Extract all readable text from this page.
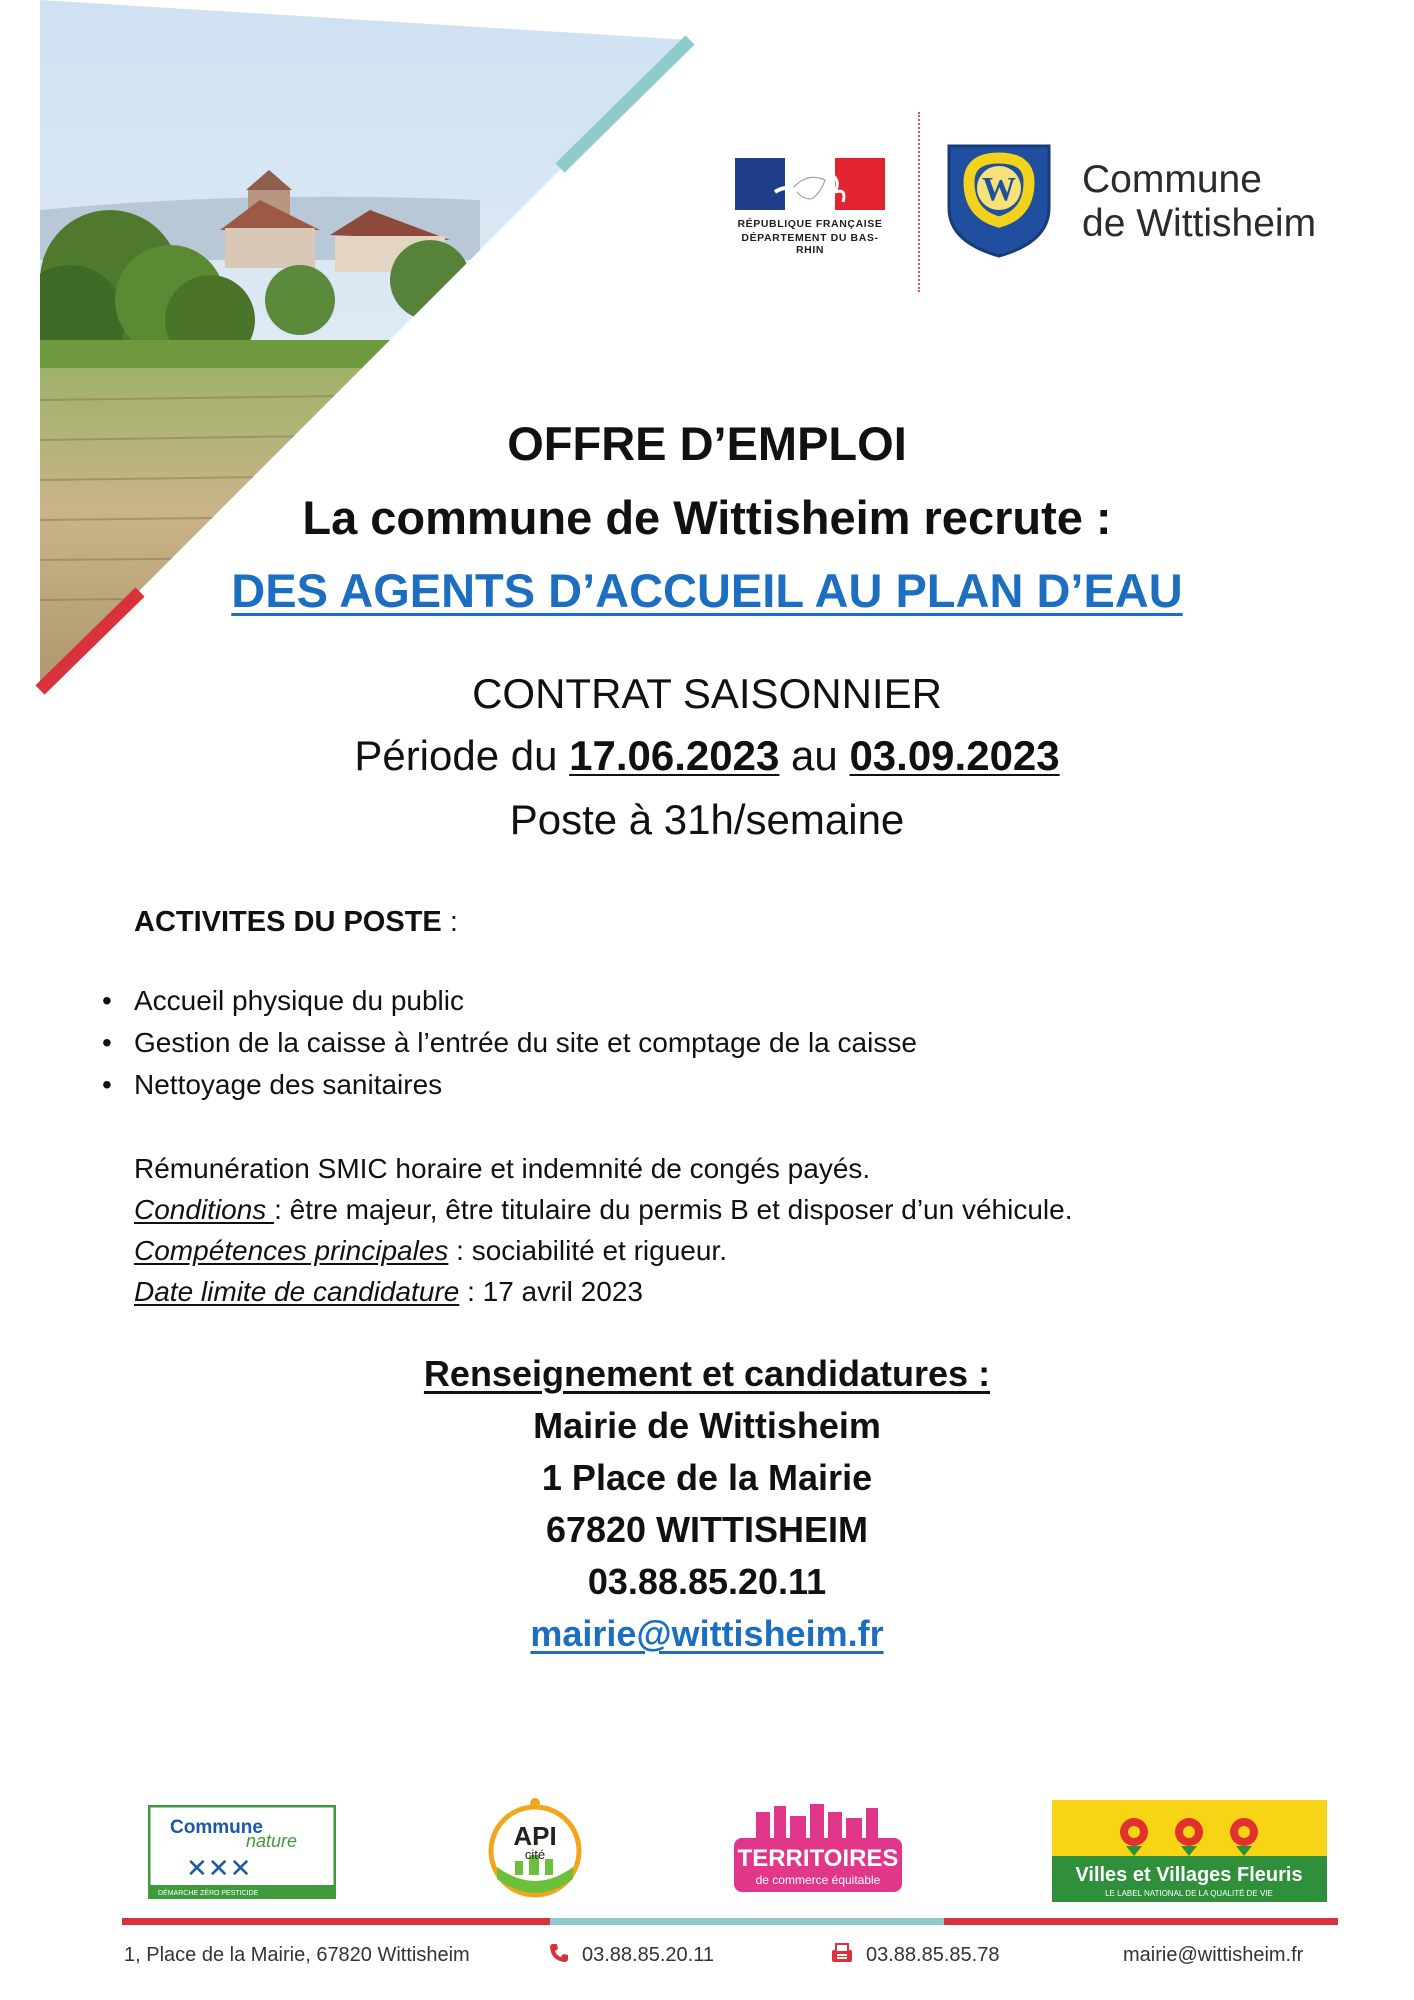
RÉPUBLIQUE FRANÇAISE
DÉPARTEMENT DU BAS-RHIN
W Commune
de Wittisheim
OFFRE D’EMPLOI
La commune de Wittisheim recrute :
DES AGENTS D’ACCUEIL AU PLAN D’EAU
CONTRAT SAISONNIER
Période du 17.06.2023 au 03.09.2023
Poste à 31h/semaine
ACTIVITES DU POSTE :
• Accueil physique du public
• Gestion de la caisse à l’entrée du site et comptage de la caisse
• Nettoyage des sanitaires
Rémunération SMIC horaire et indemnité de congés payés.
Conditions : être majeur, être titulaire du permis B et disposer d’un véhicule.
Compétences principales : sociabilité et rigueur.
Date limite de candidature : 17 avril 2023
Renseignement et candidatures :
Mairie de Wittisheim
1 Place de la Mairie
67820 WITTISHEIM
03.88.85.20.11
mairie@wittisheim.fr
Commune
nature
✕✕✕
DÉMARCHE ZÉRO PESTICIDE
API
cité	TERRITOIRES
de commerce équitable	Villes et Villages Fleuris
LE LABEL NATIONAL DE LA QUALITÉ DE VIE
1, Place de la Mairie, 67820 Wittisheim	03.88.85.20.11	03.88.85.85.78	mairie@wittisheim.fr
